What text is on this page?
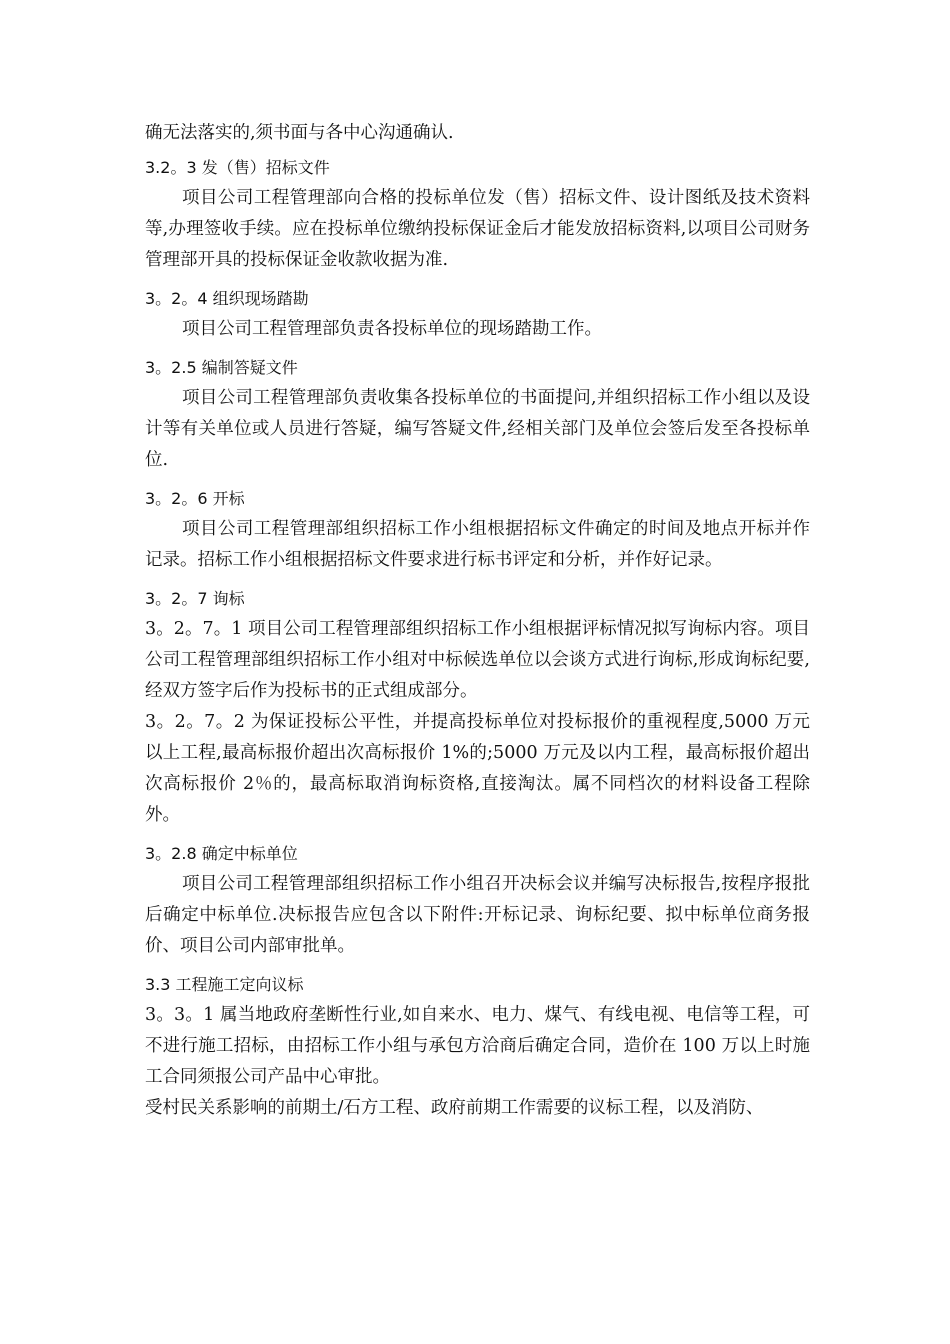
确无法落实的,须书面与各中心沟通确认.

3.2。3 发（售）招标文件

项目公司工程管理部向合格的投标单位发（售）招标文件、设计图纸及技术资料等,办理签收手续。应在投标单位缴纳投标保证金后才能发放招标资料,以项目公司财务管理部开具的投标保证金收款收据为准.

3。2。4 组织现场踏勘

项目公司工程管理部负责各投标单位的现场踏勘工作。

3。2.5 编制答疑文件

项目公司工程管理部负责收集各投标单位的书面提问,并组织招标工作小组以及设计等有关单位或人员进行答疑，编写答疑文件,经相关部门及单位会签后发至各投标单位.

3。2。6 开标

项目公司工程管理部组织招标工作小组根据招标文件确定的时间及地点开标并作记录。招标工作小组根据招标文件要求进行标书评定和分析，并作好记录。

3。2。7 询标

3。2。7。1 项目公司工程管理部组织招标工作小组根据评标情况拟写询标内容。项目公司工程管理部组织招标工作小组对中标候选单位以会谈方式进行询标,形成询标纪要,经双方签字后作为投标书的正式组成部分。

3。2。7。2 为保证投标公平性，并提高投标单位对投标报价的重视程度,5000 万元以上工程,最高标报价超出次高标报价 1%的;5000 万元及以内工程，最高标报价超出次高标报价 2％的，最高标取消询标资格,直接淘汰。属不同档次的材料设备工程除外。

3。2.8 确定中标单位

项目公司工程管理部组织招标工作小组召开决标会议并编写决标报告,按程序报批后确定中标单位.决标报告应包含以下附件:开标记录、询标纪要、拟中标单位商务报价、项目公司内部审批单。

3.3 工程施工定向议标

3。3。1 属当地政府垄断性行业,如自来水、电力、煤气、有线电视、电信等工程，可不进行施工招标，由招标工作小组与承包方洽商后确定合同，造价在 100 万以上时施工合同须报公司产品中心审批。

受村民关系影响的前期土/石方工程、政府前期工作需要的议标工程，以及消防、
